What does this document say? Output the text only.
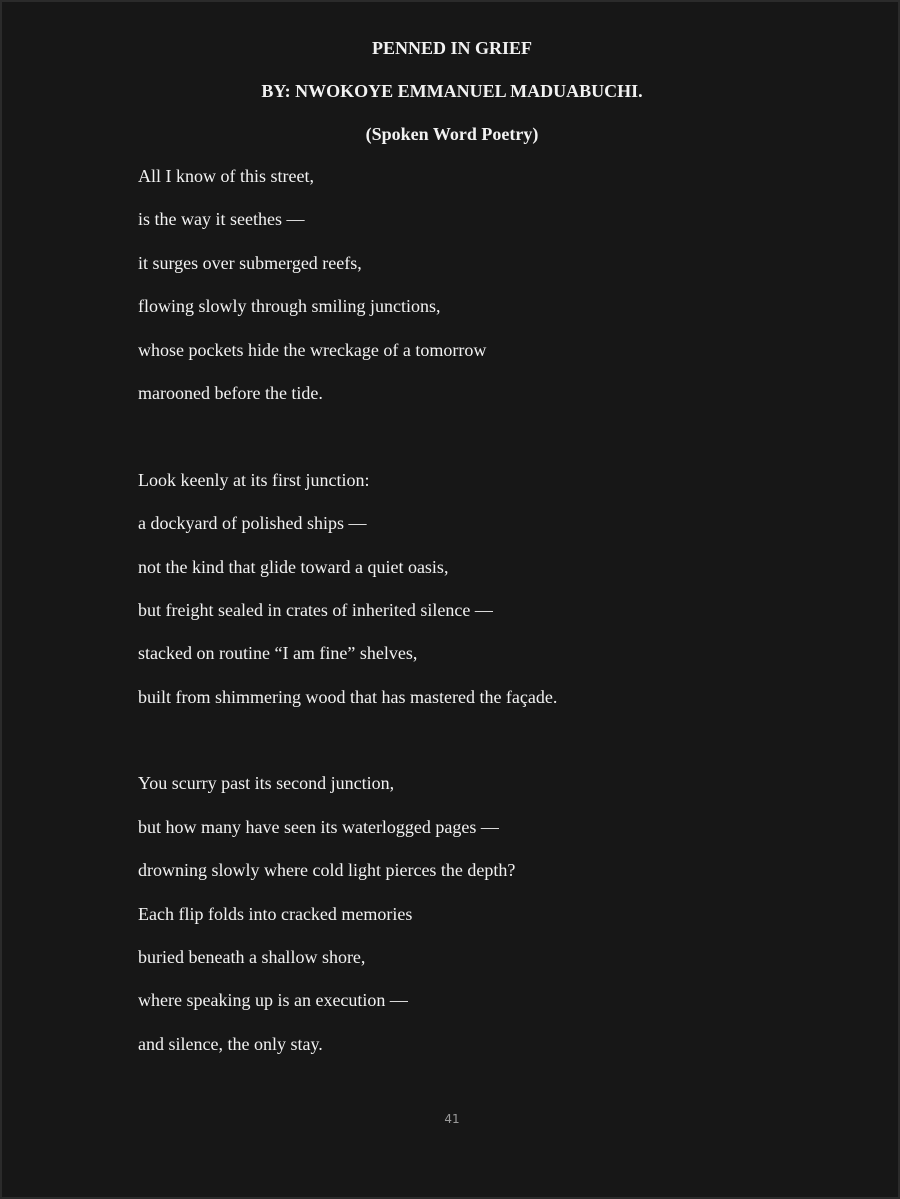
PENNED IN GRIEF
BY: NWOKOYE EMMANUEL MADUABUCHI.
(Spoken Word Poetry)
All I know of this street,
is the way it seethes —
it surges over submerged reefs,
flowing slowly through smiling junctions,
whose pockets hide the wreckage of a tomorrow
marooned before the tide.
Look keenly at its first junction:
a dockyard of polished ships —
not the kind that glide toward a quiet oasis,
but freight sealed in crates of inherited silence —
stacked on routine “I am fine” shelves,
built from shimmering wood that has mastered the façade.
You scurry past its second junction,
but how many have seen its waterlogged pages —
drowning slowly where cold light pierces the depth?
Each flip folds into cracked memories
buried beneath a shallow shore,
where speaking up is an execution —
and silence, the only stay.
41
